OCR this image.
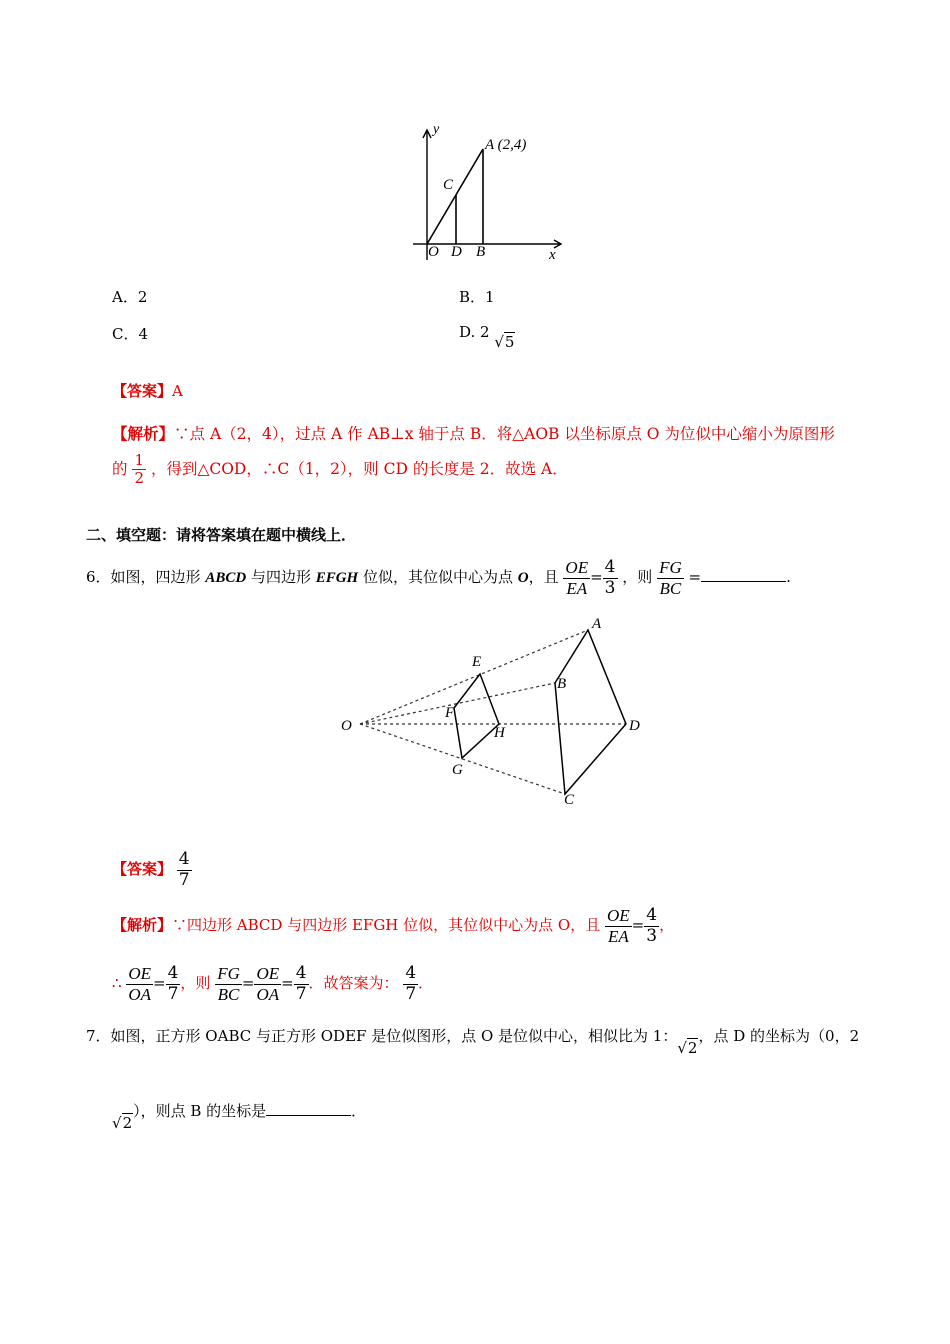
y
A (2,4)
C
O D B	x
A．2	B．1
C．4	D. 2 √5
【答案】A
【解析】∵点 A（2，4），过点 A 作 AB⊥x 轴于点 B．将△AOB 以坐标原点 O 为位似中心缩小为原图形
的 $\frac{1}{2}$ ，得到△COD，∴C（1，2），则 CD 的长度是 2．故选 A．
二、填空题：请将答案填在题中横线上．
6．如图，四边形 ABCD 与四边形 EFGH 位似，其位似中心为点 O，且 $\frac{OE}{EA} = \frac{4}{3}$ ，则 $\frac{FG}{BC}$ =	.
O
A
B
C
D
E
F
G
H
【答案】 $\frac{4}{7}$
【解析】∵四边形 ABCD 与四边形 EFGH 位似，其位似中心为点 O，且 $\frac{OE}{EA} = \frac{4}{3}$ ，
∴ $\frac{OE}{OA} = \frac{4}{7}$ ，则 $\frac{FG}{BC} = \frac{OE}{OA} = \frac{4}{7}$ ．故答案为： $\frac{4}{7}$ ．
7．如图，正方形 OABC 与正方形 ODEF 是位似图形，点 O 是位似中心，相似比为 1：√2，点 D 的坐标为（0，2
√2），则点 B 的坐标是	．
